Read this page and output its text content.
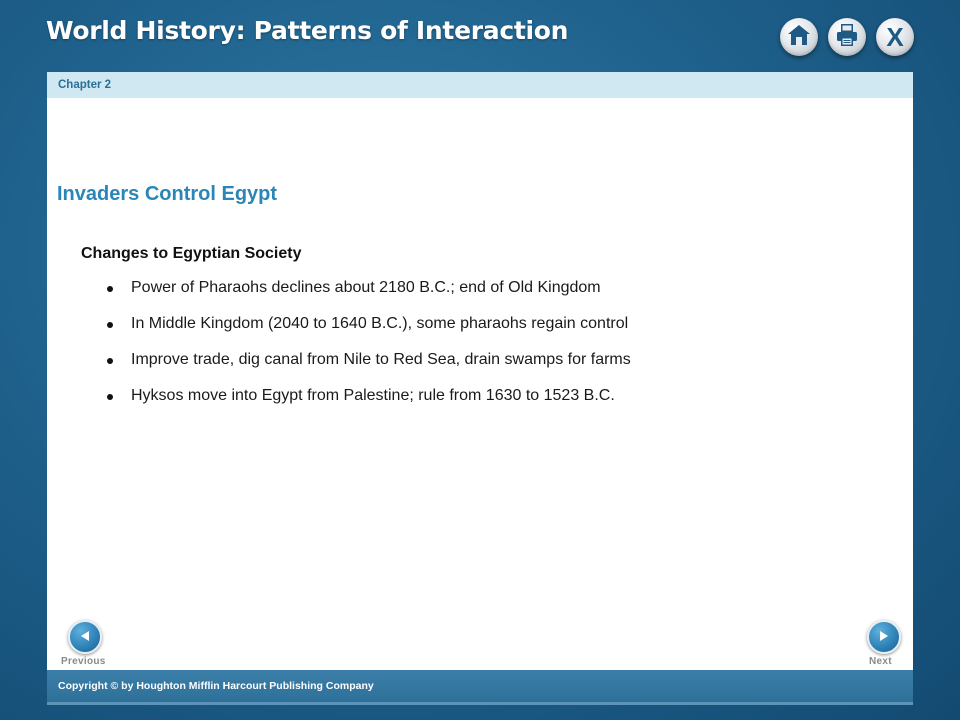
World History: Patterns of Interaction	X
Chapter 2
Invaders Control Egypt
Changes to Egyptian Society
Power of Pharaohs declines about 2180 B.C.; end of Old Kingdom
In Middle Kingdom (2040 to 1640 B.C.), some pharaohs regain control
Improve trade, dig canal from Nile to Red Sea, drain swamps for farms
Hyksos move into Egypt from Palestine; rule from 1630 to 1523 B.C.
Previous	Next
Copyright © by Houghton Mifflin Harcourt Publishing Company
